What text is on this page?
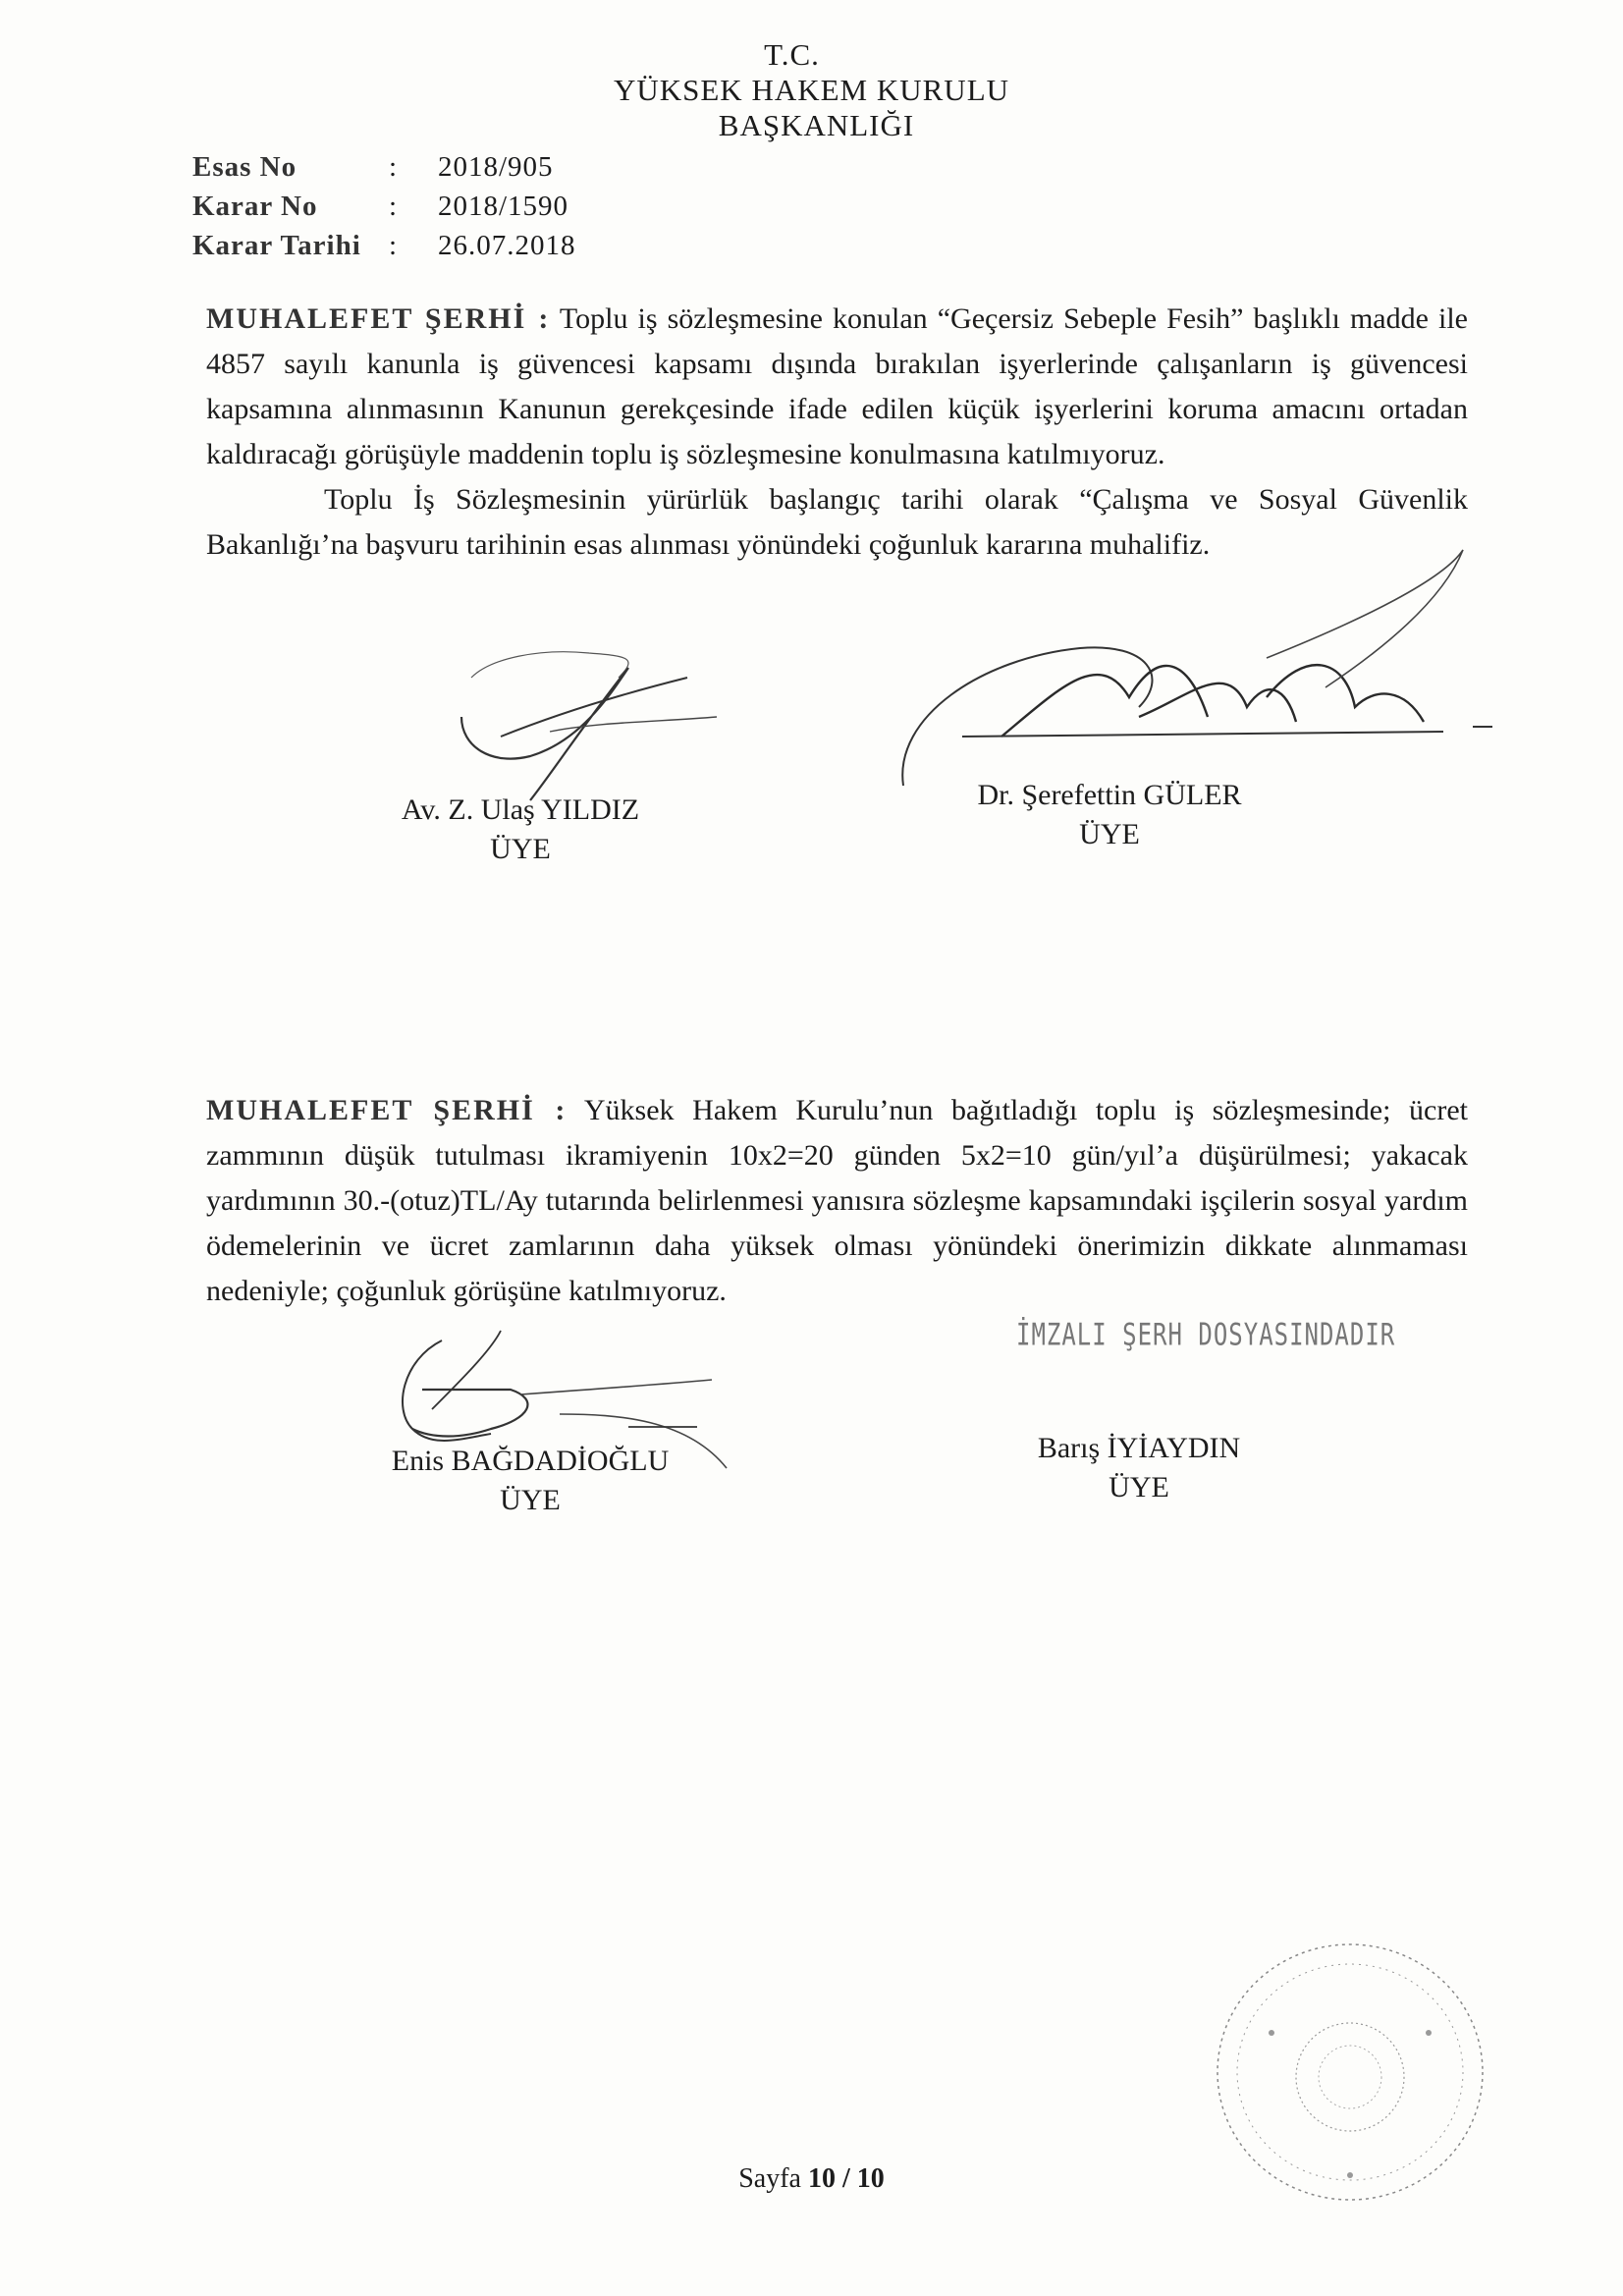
T.C.
YÜKSEK HAKEM KURULU
BAŞKANLIĞI
Esas No	:	2018/905
Karar No	:	2018/1590
Karar Tarihi :	26.07.2018
MUHALEFET ŞERHİ : Toplu iş sözleşmesine konulan “Geçersiz Sebeple Fesih” başlıklı madde ile 4857 sayılı kanunla iş güvencesi kapsamı dışında bırakılan işyerlerinde çalışanların iş güvencesi kapsamına alınmasının Kanunun gerekçesinde ifade edilen küçük işyerlerini koruma amacını ortadan kaldıracağı görüşüyle maddenin toplu iş sözleşmesine konulmasına katılmıyoruz.
Toplu İş Sözleşmesinin yürürlük başlangıç tarihi olarak “Çalışma ve Sosyal Güvenlik Bakanlığı’na başvuru tarihinin esas alınması yönündeki çoğunluk kararına muhalifiz.
Av. Z. Ulaş YILDIZ
ÜYE
Dr. Şerefettin GÜLER
ÜYE
MUHALEFET ŞERHİ : Yüksek Hakem Kurulu’nun bağıtladığı toplu iş sözleşmesinde; ücret zammının düşük tutulması ikramiyenin 10x2=20 günden 5x2=10 gün/yıl’a düşürülmesi; yakacak yardımının 30.-(otuz)TL/Ay tutarında belirlenmesi yanısıra sözleşme kapsamındaki işçilerin sosyal yardım ödemelerinin ve ücret zamlarının daha yüksek olması yönündeki önerimizin dikkate alınmaması nedeniyle; çoğunluk görüşüne katılmıyoruz.
Enis BAĞDADİOĞLU
ÜYE
İMZALI ŞERH DOSYASINDADIR
Barış İYİAYDIN
ÜYE
Sayfa 10 / 10
